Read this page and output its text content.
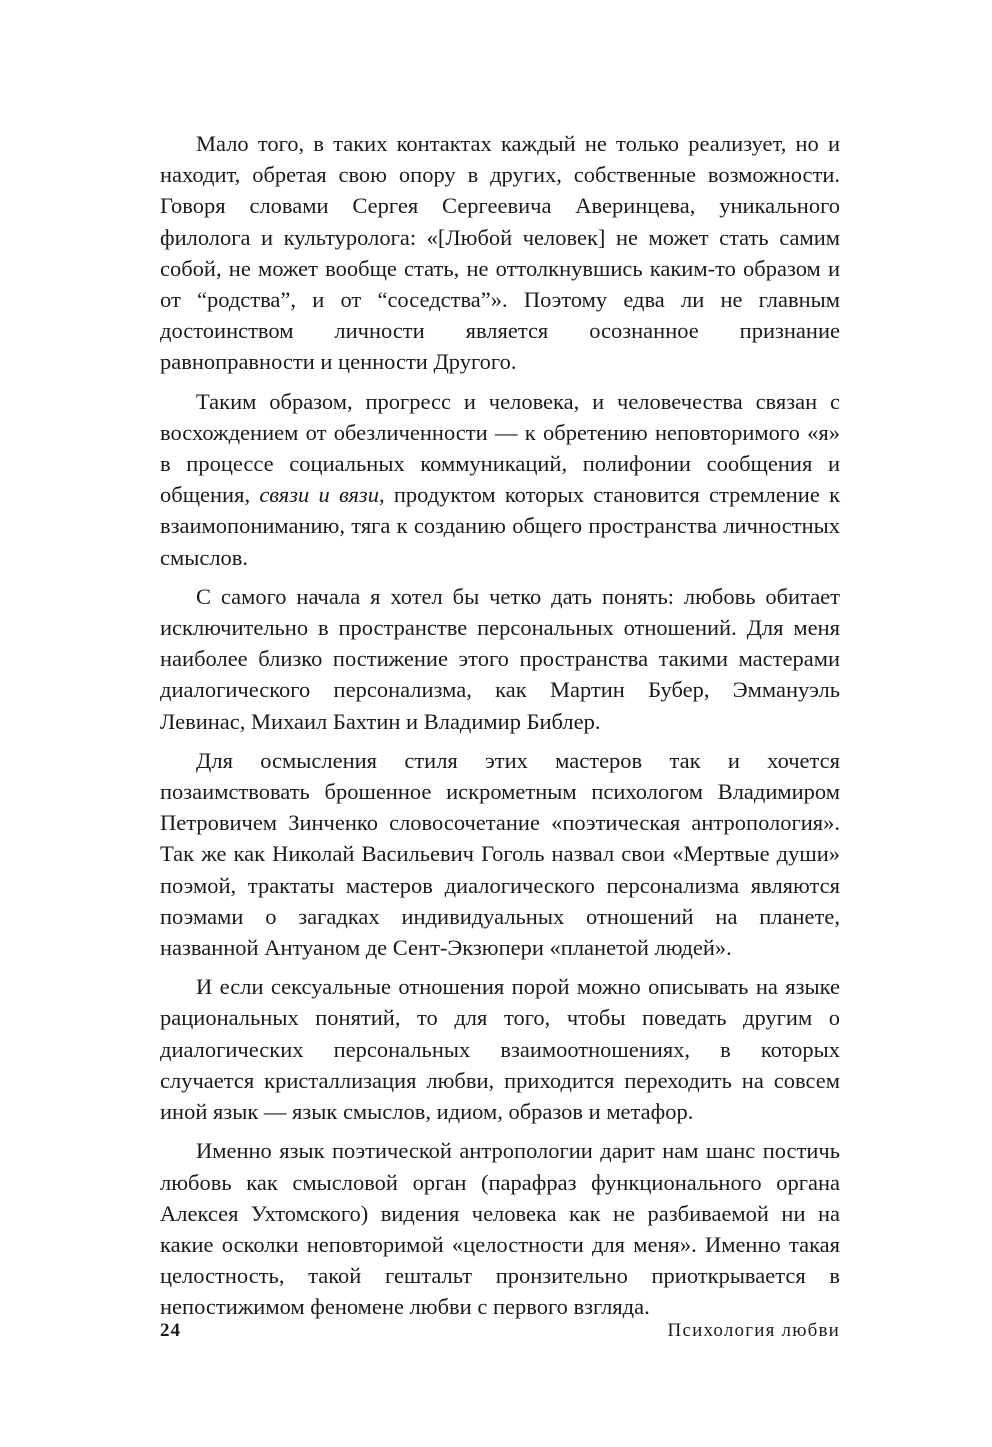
Мало того, в таких контактах каждый не только реализует, но и находит, обретая свою опору в других, собственные возможности. Говоря словами Сергея Сергеевича Аверинцева, уникального филолога и культуролога: «[Любой человек] не может стать самим собой, не может вообще стать, не оттолкнувшись каким-то образом и от “родства”, и от “соседства”». Поэтому едва ли не главным достоинством личности является осознанное признание равноправности и ценности Другого.

Таким образом, прогресс и человека, и человечества связан с восхождением от обезличенности — к обретению неповторимого «я» в процессе социальных коммуникаций, полифонии сообщения и общения, связи и вязи, продуктом которых становится стремление к взаимопониманию, тяга к созданию общего пространства личностных смыслов.

С самого начала я хотел бы четко дать понять: любовь обитает исключительно в пространстве персональных отношений. Для меня наиболее близко постижение этого пространства такими мастерами диалогического персонализма, как Мартин Бубер, Эммануэль Левинас, Михаил Бахтин и Владимир Библер.

Для осмысления стиля этих мастеров так и хочется позаимствовать брошенное искрометным психологом Владимиром Петровичем Зинченко словосочетание «поэтическая антропология». Так же как Николай Васильевич Гоголь назвал свои «Мертвые души» поэмой, трактаты мастеров диалогического персонализма являются поэмами о загадках индивидуальных отношений на планете, названной Антуаном де Сент-Экзюпери «планетой людей».

И если сексуальные отношения порой можно описывать на языке рациональных понятий, то для того, чтобы поведать другим о диалогических персональных взаимоотношениях, в которых случается кристаллизация любви, приходится переходить на совсем иной язык — язык смыслов, идиом, образов и метафор.

Именно язык поэтической антропологии дарит нам шанс постичь любовь как смысловой орган (парафраз функционального органа Алексея Ухтомского) видения человека как не разбиваемой ни на какие осколки неповторимой «целостности для меня». Именно такая целостность, такой гештальт пронзительно приоткрывается в непостижимом феномене любви с первого взгляда.

24	Психология любви
